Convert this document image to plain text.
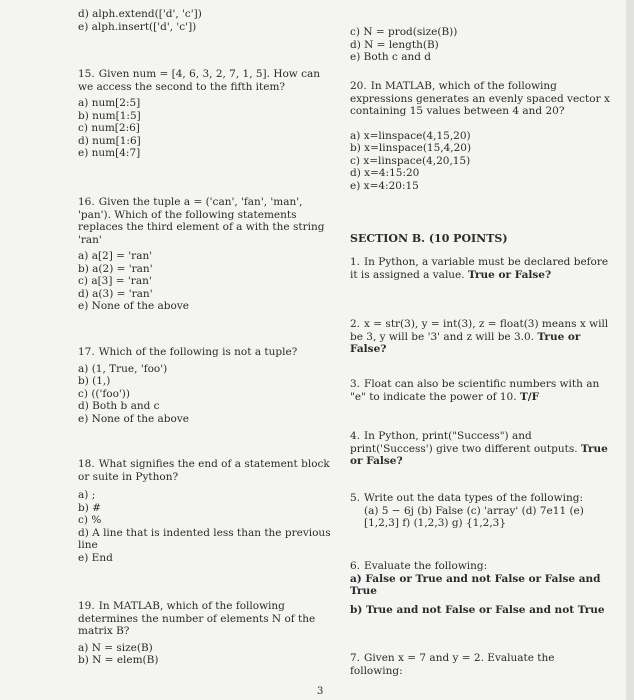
d) alph.extend(['d', 'c'])
e) alph.insert(['d', 'c'])

15. Given num = [4, 6, 3, 2, 7, 1, 5]. How can we access the second to the fifth item?

a) num[2:5]
b) num[1:5]
c) num[2:6]
d) num[1:6]
e) num[4:7]

16. Given the tuple a = ('can', 'fan', 'man', 'pan'). Which of the following statements replaces the third element of a with the string 'ran'

a) a[2] = 'ran'
b) a(2) = 'ran'
c) a[3] = 'ran'
d) a(3) = 'ran'
e) None of the above

17. Which of the following is not a tuple?

a) (1, True, 'foo')
b) (1,)
c) (('foo'))
d) Both b and c
e) None of the above

18. What signifies the end of a statement block or suite in Python?

a) ;
b) #
c) %
d) A line that is indented less than the previous line
e) End

19. In MATLAB, which of the following determines the number of elements N of the matrix B?

a) N = size(B)
b) N = elem(B)
c) N = prod(size(B))
d) N = length(B)
e) Both c and d

20. In MATLAB, which of the following expressions generates an evenly spaced vector x containing 15 values between 4 and 20?

a) x=linspace(4,15,20)
b) x=linspace(15,4,20)
c) x=linspace(4,20,15)
d) x=4:15:20
e) x=4:20:15
SECTION B. (10 POINTS)

1. In Python, a variable must be declared before it is assigned a value. True or False?

2. x = str(3), y = int(3), z = float(3) means x will be 3, y will be '3' and z will be 3.0. True or False?

3. Float can also be scientific numbers with an "e" to indicate the power of 10. T/F

4. In Python, print("Success") and print('Success') give two different outputs. True or False?

5. Write out the data types of the following:

(a) 5 − 6j (b) False (c) 'array' (d) 7e11 (e) [1,2,3] f) (1,2,3) g) {1,2,3}

6. Evaluate the following:

a) False or True and not False or False and True
b) True and not False or False and not True

7. Given x = 7 and y = 2. Evaluate the following:

3
